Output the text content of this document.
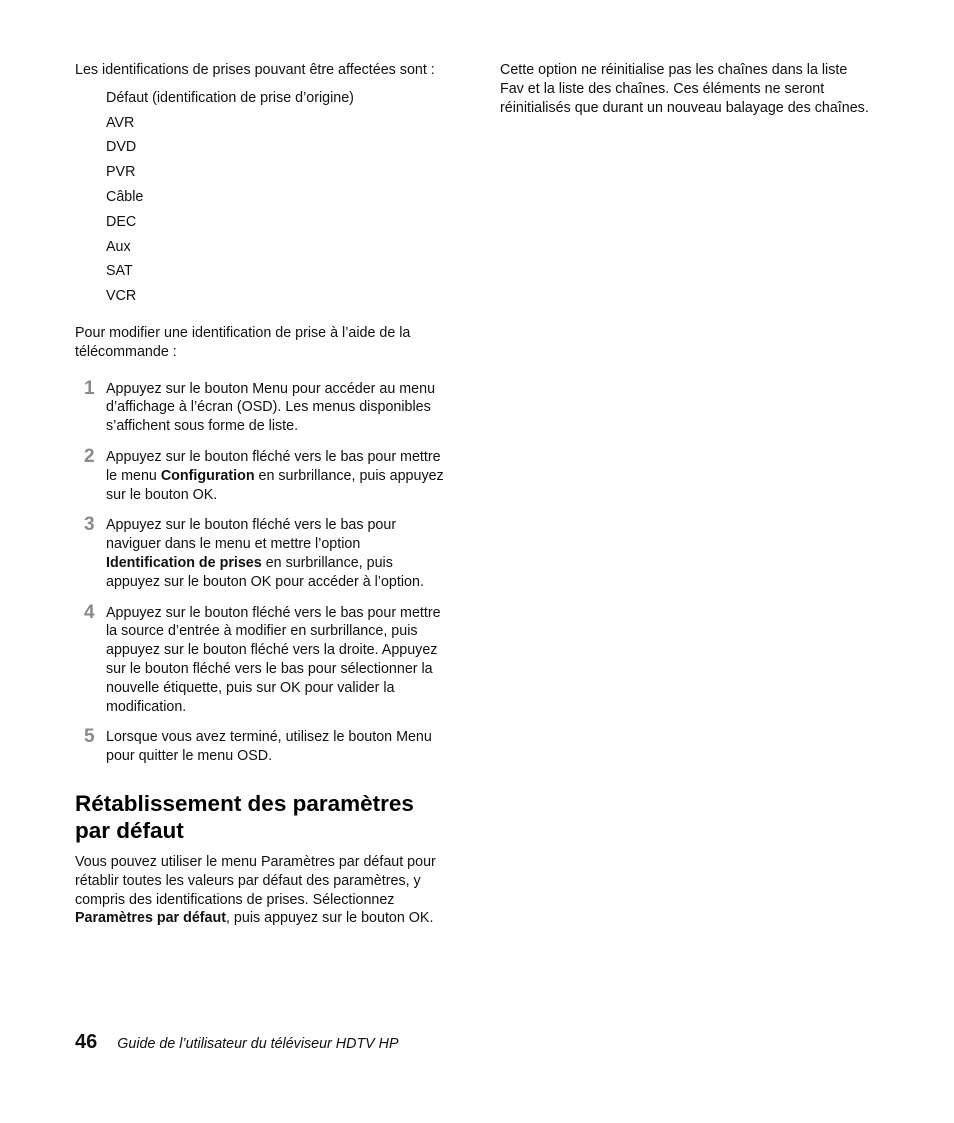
Les identifications de prises pouvant être affectées sont :

Défaut (identification de prise d’origine)
AVR
DVD
PVR
Câble
DEC
Aux
SAT
VCR

Pour modifier une identification de prise à l’aide de la télécommande :

1 Appuyez sur le bouton Menu pour accéder au menu d’affichage à l’écran (OSD). Les menus disponibles s’affichent sous forme de liste.
2 Appuyez sur le bouton fléché vers le bas pour mettre le menu Configuration en surbrillance, puis appuyez sur le bouton OK.
3 Appuyez sur le bouton fléché vers le bas pour naviguer dans le menu et mettre l’option Identification de prises en surbrillance, puis appuyez sur le bouton OK pour accéder à l’option.
4 Appuyez sur le bouton fléché vers le bas pour mettre la source d’entrée à modifier en surbrillance, puis appuyez sur le bouton fléché vers la droite. Appuyez sur le bouton fléché vers le bas pour sélectionner la nouvelle étiquette, puis sur OK pour valider la modification.
5 Lorsque vous avez terminé, utilisez le bouton Menu pour quitter le menu OSD.
Rétablissement des paramètres par défaut

Vous pouvez utiliser le menu Paramètres par défaut pour rétablir toutes les valeurs par défaut des paramètres, y compris des identifications de prises. Sélectionnez Paramètres par défaut, puis appuyez sur le bouton OK.

Cette option ne réinitialise pas les chaînes dans la liste Fav et la liste des chaînes. Ces éléments ne seront réinitialisés que durant un nouveau balayage des chaînes.

46 Guide de l’utilisateur du téléviseur HDTV HP
